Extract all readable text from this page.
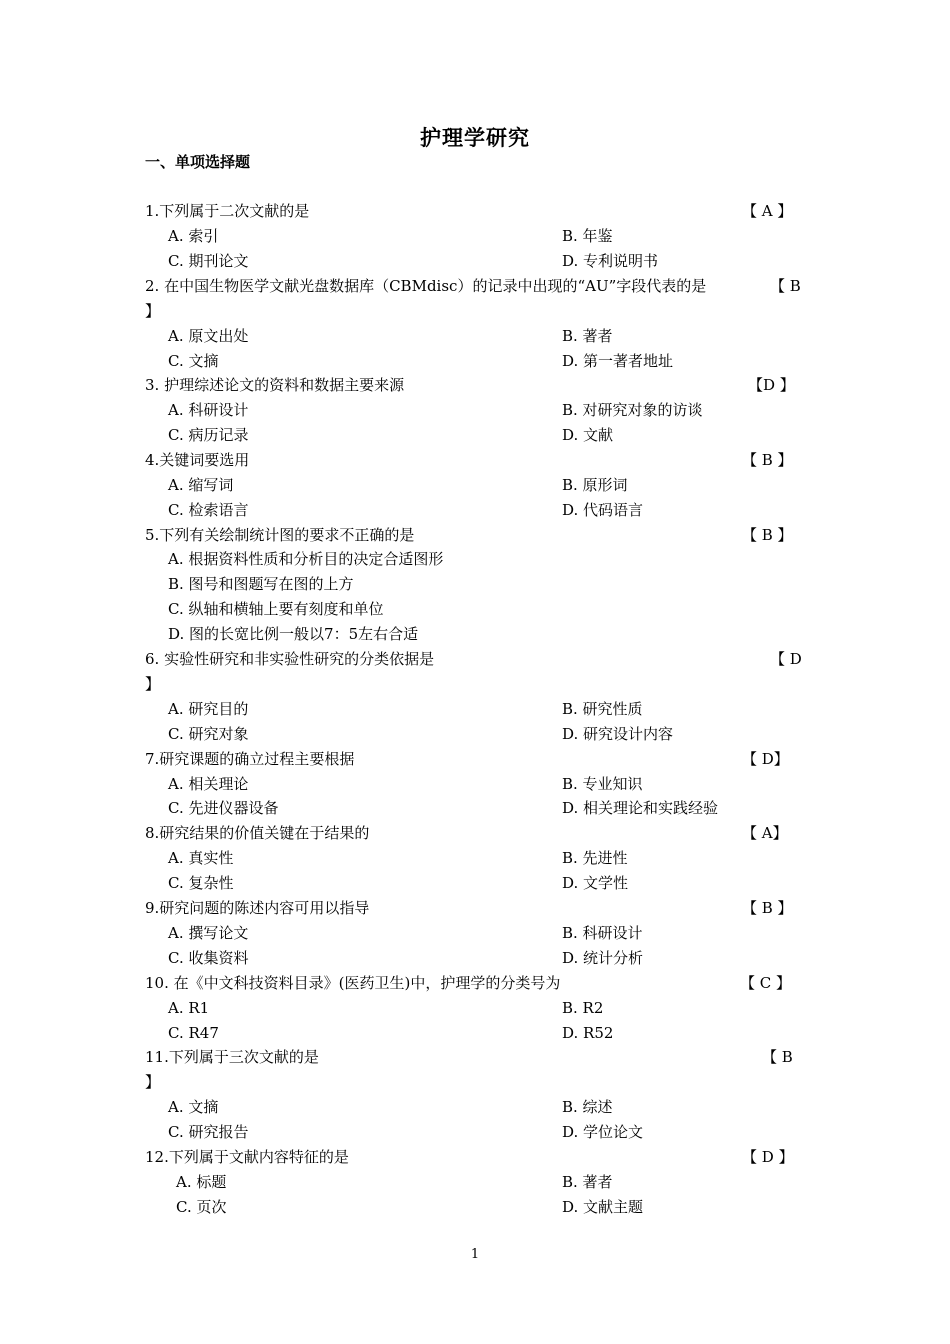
护理学研究
一、单项选择题
1.下列属于二次文献的是	【 A 】
A. 索引	B. 年鉴
C. 期刊论文	D. 专利说明书
2. 在中国生物医学文献光盘数据库（CBMdisc）的记录中出现的“AU”字段代表的是	【 B
】
A. 原文出处	B. 著者
C. 文摘	D. 第一著者地址
3. 护理综述论文的资料和数据主要来源	【D 】
A. 科研设计	B. 对研究对象的访谈
C. 病历记录	D. 文献
4.关键词要选用	【 B 】
A. 缩写词	B. 原形词
C. 检索语言	D. 代码语言
5.下列有关绘制统计图的要求不正确的是	【 B 】
A. 根据资料性质和分析目的决定合适图形
B. 图号和图题写在图的上方
C. 纵轴和横轴上要有刻度和单位
D. 图的长宽比例一般以7：5左右合适
6. 实验性研究和非实验性研究的分类依据是	【 D
】
A. 研究目的	B. 研究性质
C. 研究对象	D. 研究设计内容
7.研究课题的确立过程主要根据	【 D】
A. 相关理论	B. 专业知识
C. 先进仪器设备	D. 相关理论和实践经验
8.研究结果的价值关键在于结果的	【 A】
A. 真实性	B. 先进性
C. 复杂性	D. 文学性
9.研究问题的陈述内容可用以指导	【 B 】
A. 撰写论文	B. 科研设计
C. 收集资料	D. 统计分析
10. 在《中文科技资料目录》(医药卫生)中，护理学的分类号为	【 C 】
A. R1	B. R2
C. R47	D. R52
11.下列属于三次文献的是	【 B
】
A. 文摘	B. 综述
C. 研究报告	D. 学位论文
12.下列属于文献内容特征的是	【 D 】
A. 标题	B. 著者
C. 页次	D. 文献主题
1
